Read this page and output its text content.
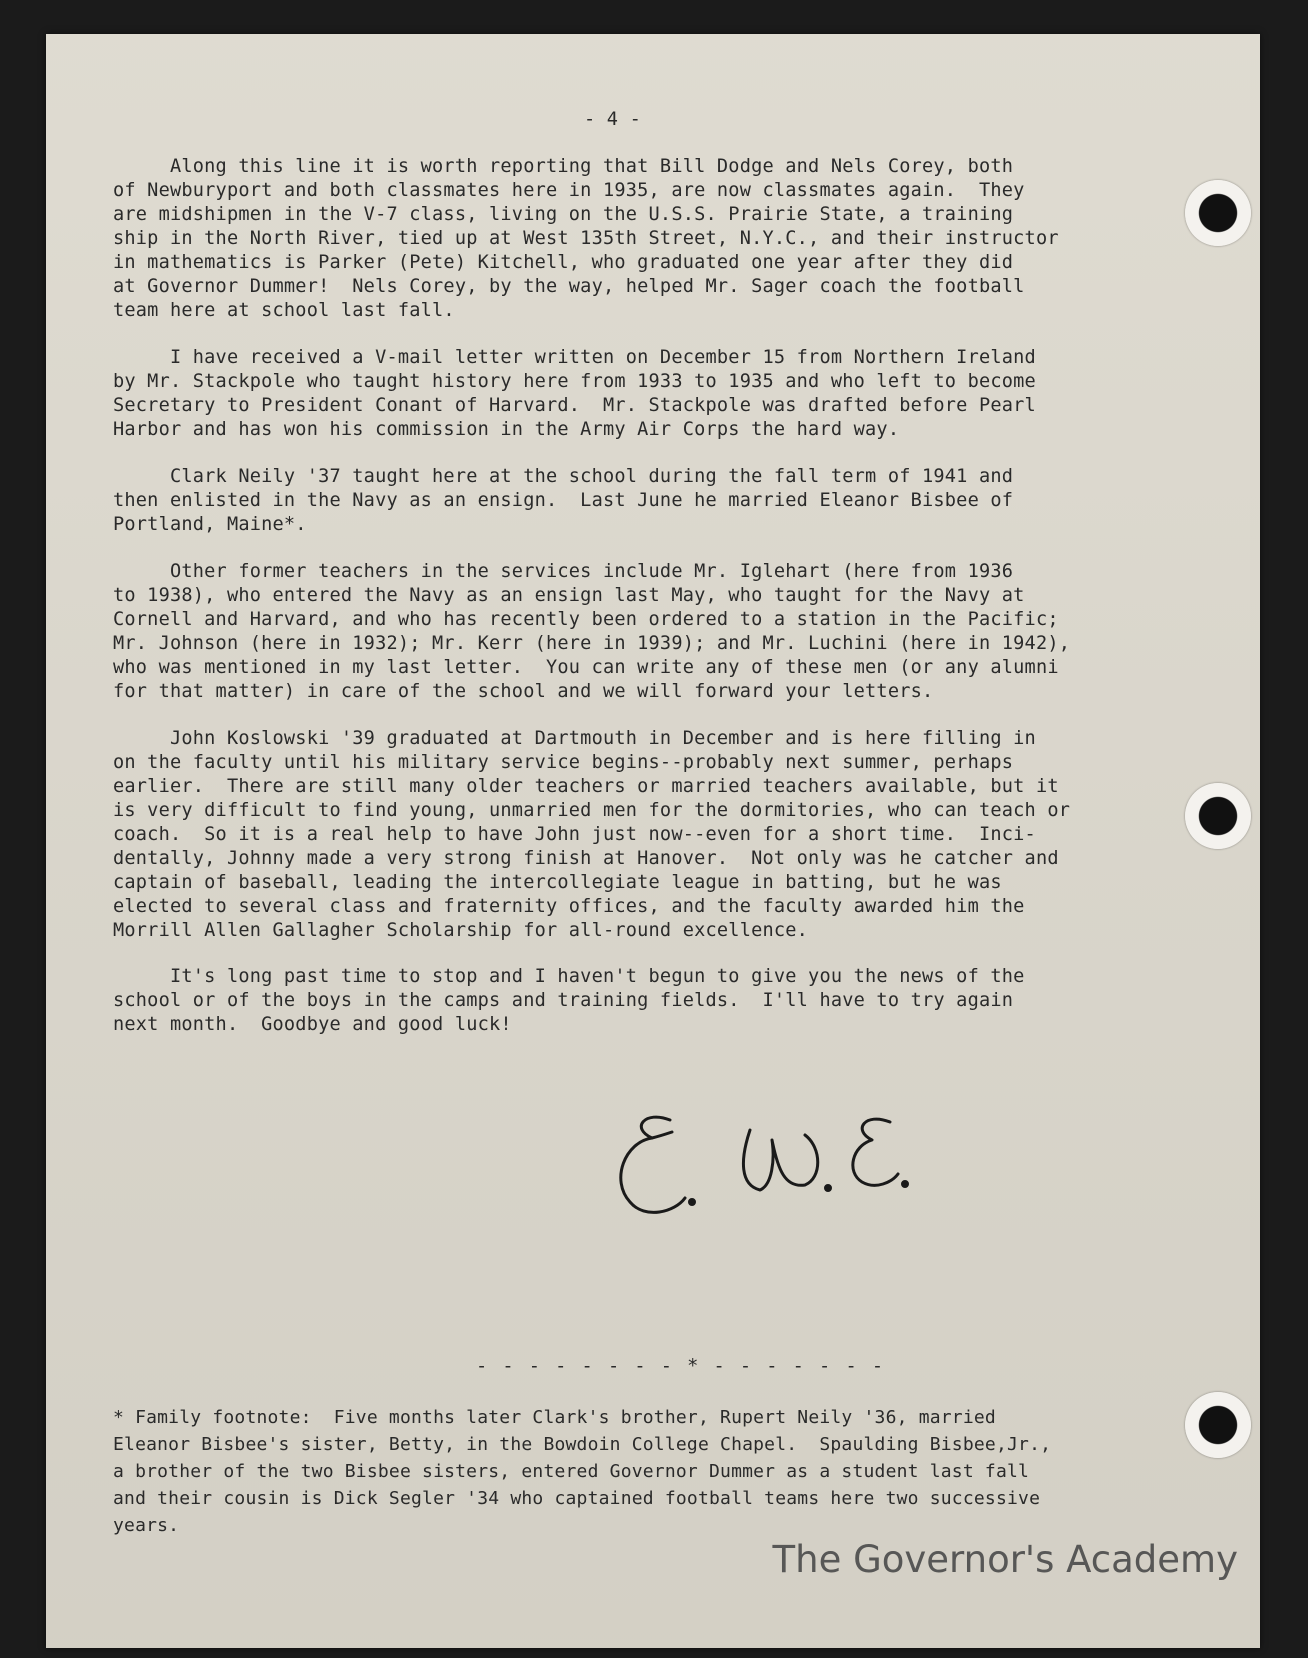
- 4 -
Along this line it is worth reporting that Bill Dodge and Nels Corey, both
of Newburyport and both classmates here in 1935, are now classmates again.  They
are midshipmen in the V-7 class, living on the U.S.S. Prairie State, a training
ship in the North River, tied up at West 135th Street, N.Y.C., and their instructor
in mathematics is Parker (Pete) Kitchell, who graduated one year after they did
at Governor Dummer!  Nels Corey, by the way, helped Mr. Sager coach the football
team here at school last fall.
I have received a V-mail letter written on December 15 from Northern Ireland
by Mr. Stackpole who taught history here from 1933 to 1935 and who left to become
Secretary to President Conant of Harvard.  Mr. Stackpole was drafted before Pearl
Harbor and has won his commission in the Army Air Corps the hard way.
Clark Neily '37 taught here at the school during the fall term of 1941 and
then enlisted in the Navy as an ensign.  Last June he married Eleanor Bisbee of
Portland, Maine*.
Other former teachers in the services include Mr. Iglehart (here from 1936
to 1938), who entered the Navy as an ensign last May, who taught for the Navy at
Cornell and Harvard, and who has recently been ordered to a station in the Pacific;
Mr. Johnson (here in 1932); Mr. Kerr (here in 1939); and Mr. Luchini (here in 1942),
who was mentioned in my last letter.  You can write any of these men (or any alumni
for that matter) in care of the school and we will forward your letters.
John Koslowski '39 graduated at Dartmouth in December and is here filling in
on the faculty until his military service begins--probably next summer, perhaps
earlier.  There are still many older teachers or married teachers available, but it
is very difficult to find young, unmarried men for the dormitories, who can teach or
coach.  So it is a real help to have John just now--even for a short time.  Inci-
dentally, Johnny made a very strong finish at Hanover.  Not only was he catcher and
captain of baseball, leading the intercollegiate league in batting, but he was
elected to several class and fraternity offices, and the faculty awarded him the
Morrill Allen Gallagher Scholarship for all-round excellence.
It's long past time to stop and I haven't begun to give you the news of the
school or of the boys in the camps and training fields.  I'll have to try again
next month.  Goodbye and good luck!
- - - - - - - - * - - - - - - -
* Family footnote:  Five months later Clark's brother, Rupert Neily '36, married
Eleanor Bisbee's sister, Betty, in the Bowdoin College Chapel.  Spaulding Bisbee,Jr.,
a brother of the two Bisbee sisters, entered Governor Dummer as a student last fall
and their cousin is Dick Segler '34 who captained football teams here two successive
years.
The Governor's Academy
